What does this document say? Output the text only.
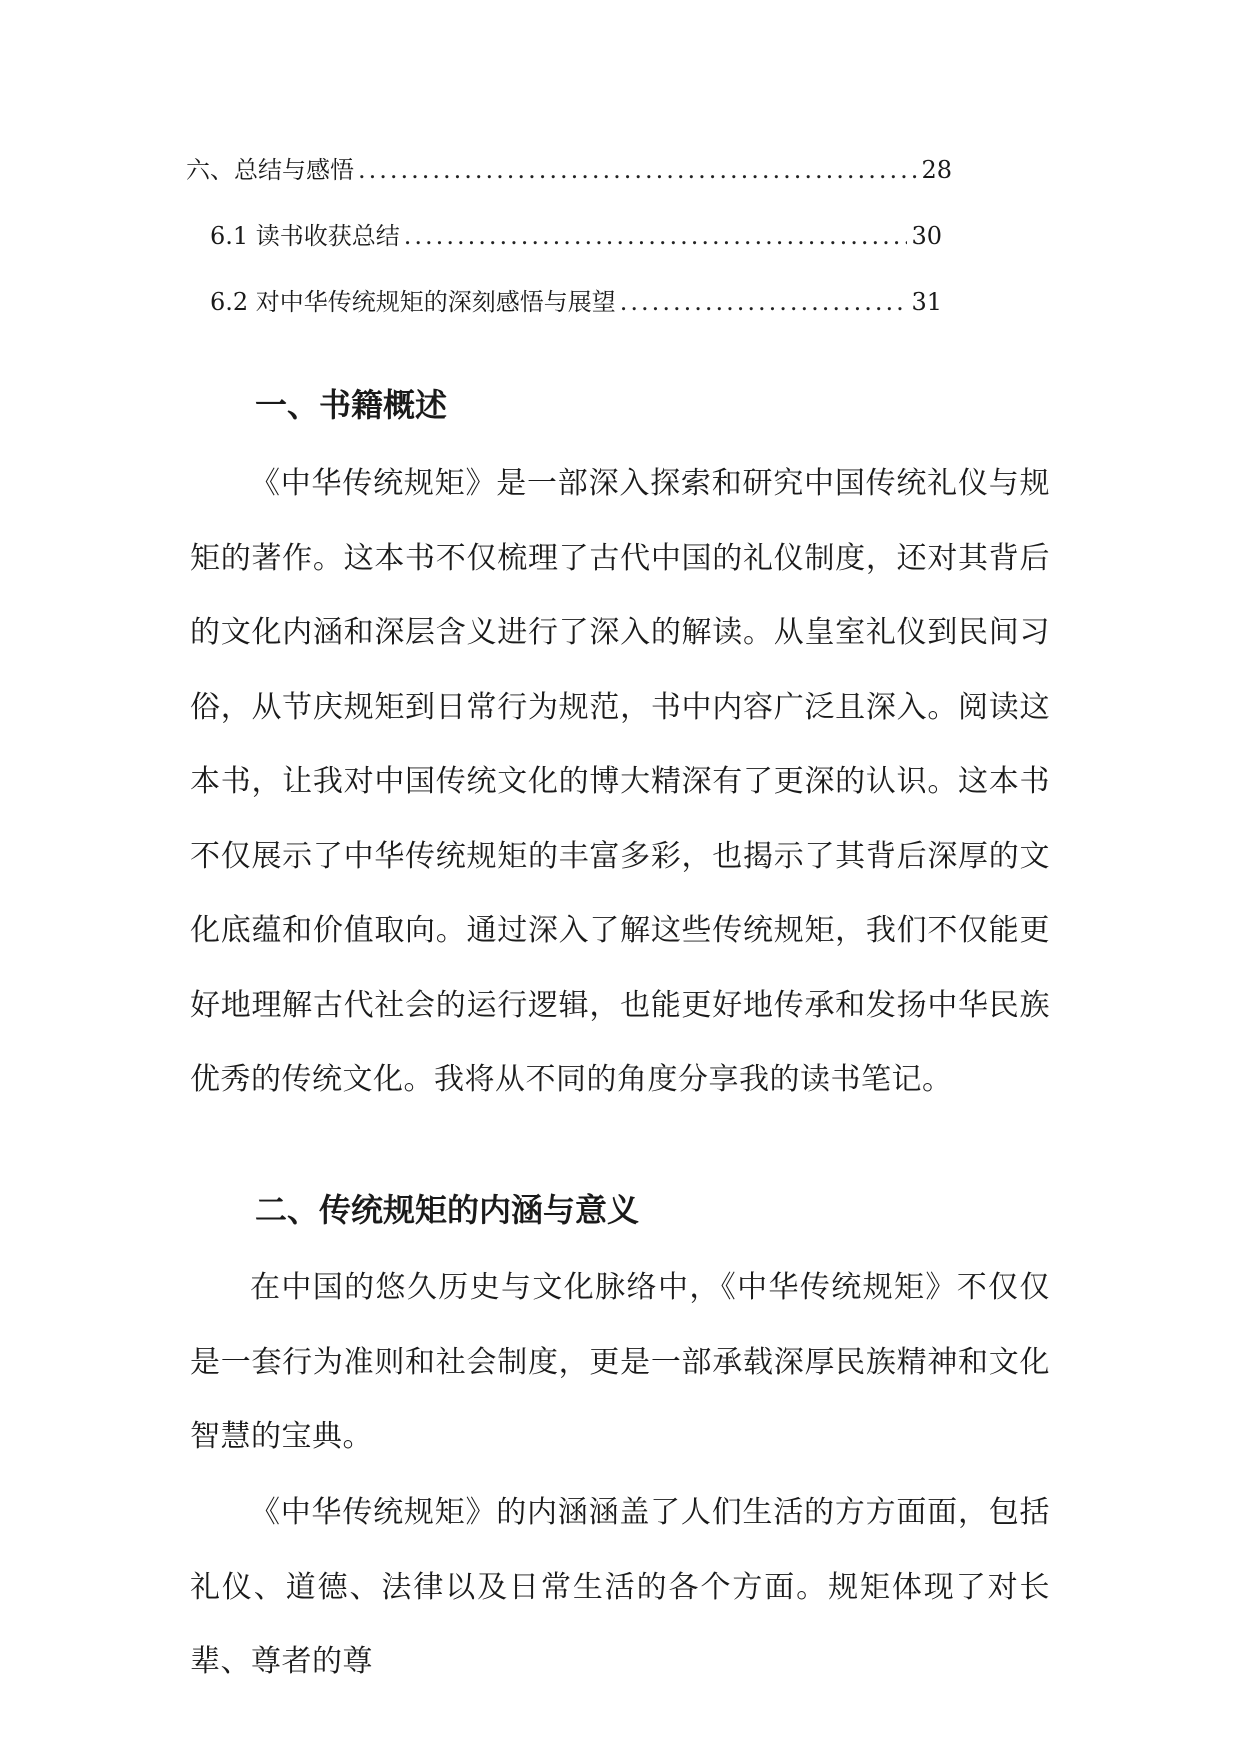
六、总结与感悟 .....	28
6.1 读书收获总结 .....	30
6.2 对中华传统规矩的深刻感悟与展望 .....	31
一、书籍概述

《中华传统规矩》是一部深入探索和研究中国传统礼仪与规矩的著作。这本书不仅梳理了古代中国的礼仪制度，还对其背后的文化内涵和深层含义进行了深入的解读。从皇室礼仪到民间习俗，从节庆规矩到日常行为规范，书中内容广泛且深入。阅读这本书，让我对中国传统文化的博大精深有了更深的认识。这本书不仅展示了中华传统规矩的丰富多彩，也揭示了其背后深厚的文化底蕴和价值取向。通过深入了解这些传统规矩，我们不仅能更好地理解古代社会的运行逻辑，也能更好地传承和发扬中华民族优秀的传统文化。我将从不同的角度分享我的读书笔记。

二、传统规矩的内涵与意义

在中国的悠久历史与文化脉络中，《中华传统规矩》不仅仅是一套行为准则和社会制度，更是一部承载深厚民族精神和文化智慧的宝典。

《中华传统规矩》的内涵涵盖了人们生活的方方面面，包括礼仪、道德、法律以及日常生活的各个方面。规矩体现了对长辈、尊者的尊
